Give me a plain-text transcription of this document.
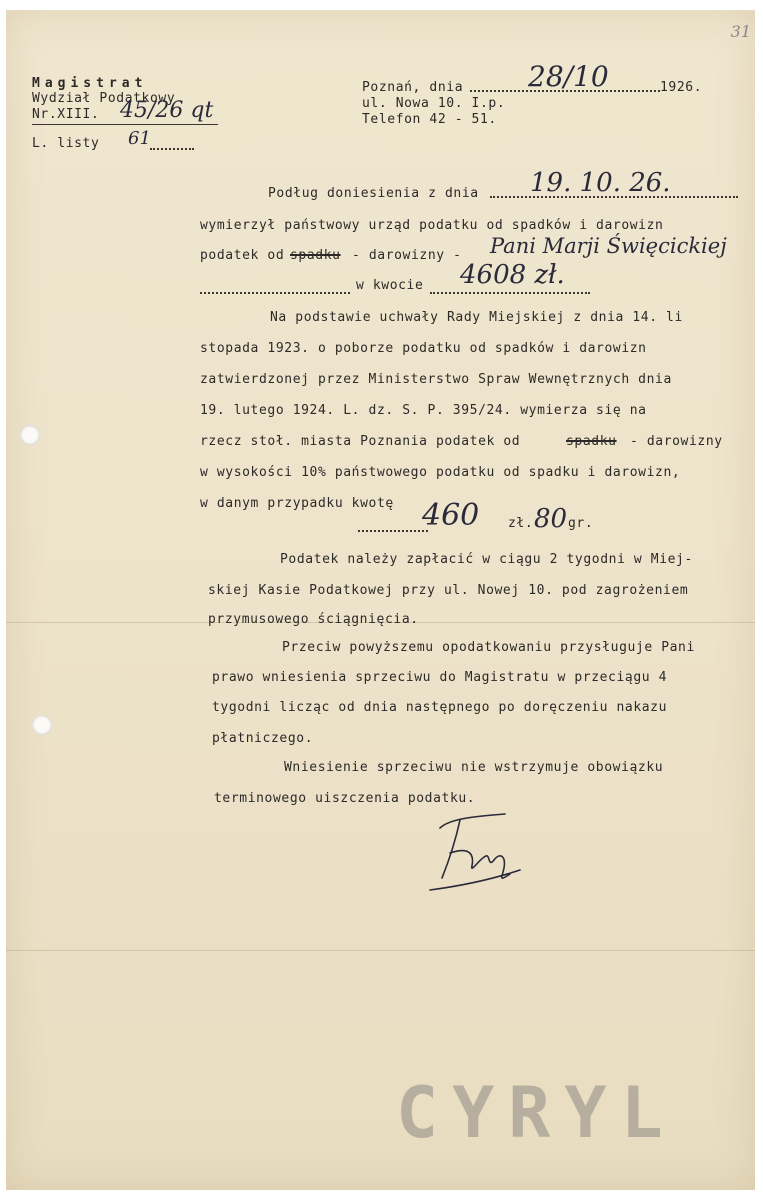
31
Magistrat
Wydział Podatkowy
Nr.XIII. 45/26 qt
L. listy 61
Poznań, dnia 28/10	1926.
ul. Nowa 10. I.p.
Telefon 42 - 51.
Podług doniesienia z dnia 19. 10. 26.
wymierzył państwowy urząd podatku od spadków i darowizn
podatek od spadku - darowizny - Pani Marji Święcickiej
w kwocie 4608 zł.
Na podstawie uchwały Rady Miejskiej z dnia 14. li
stopada 1923. o poborze podatku od spadków i darowizn
zatwierdzonej przez Ministerstwo Spraw Wewnętrznych dnia
19. lutego 1924. L. dz. S. P. 395/24. wymierza się na
rzecz stoł. miasta Poznania podatek od	spadku - darowizny
w wysokości 10% państwowego podatku od spadku i darowizn,
w danym przypadku kwotę 460 zł. 80 gr.
Podatek należy zapłacić w ciągu 2 tygodni w Miej-
skiej Kasie Podatkowej przy ul. Nowej 10. pod zagrożeniem
przymusowego ściągnięcia.
Przeciw powyższemu opodatkowaniu przysługuje Pani
prawo wniesienia sprzeciwu do Magistratu w przeciągu 4
tygodni licząc od dnia następnego po doręczeniu nakazu
płatniczego.
Wniesienie sprzeciwu nie wstrzymuje obowiązku
terminowego uiszczenia podatku.
CYRYL
